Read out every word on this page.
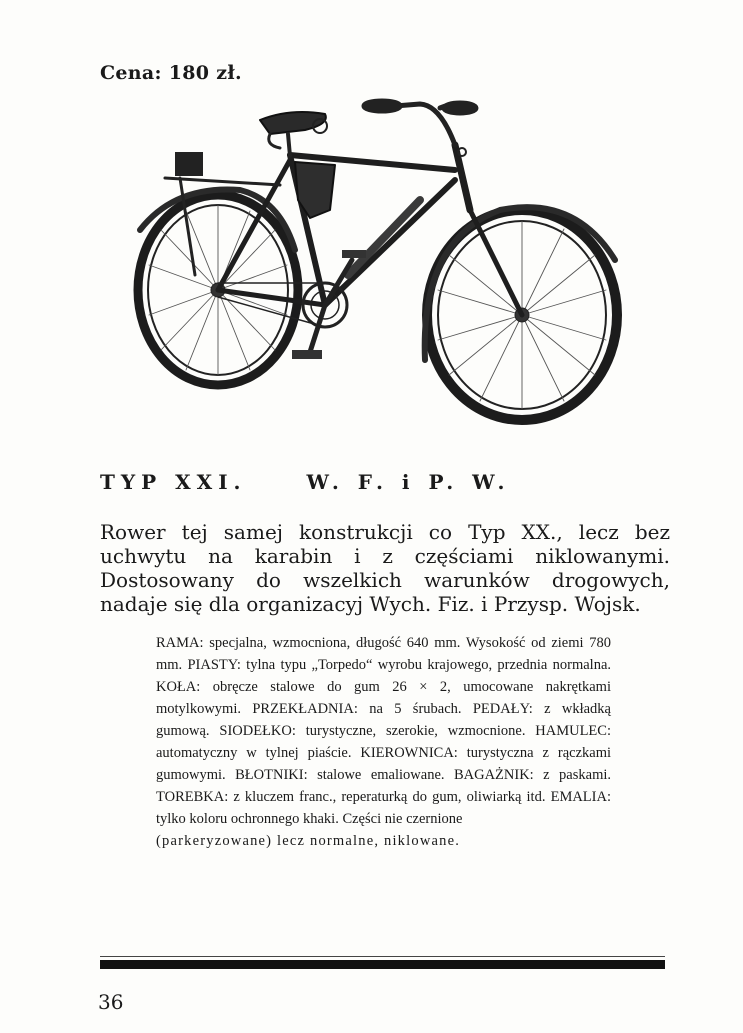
Cena: 180 zł.
TYP XXI.	W. F. i P. W.
Rower tej samej konstrukcji co Typ XX., lecz bez uchwytu na karabin i z częściami niklowanymi. Dostosowany do wszelkich warunków drogowych, nadaje się dla organizacyj Wych. Fiz. i Przysp. Wojsk.
RAMA: specjalna, wzmocniona, długość 640 mm. Wysokość od ziemi 780 mm. PIASTY: tylna typu „Torpedo“ wyrobu krajowego, przednia normalna. KOŁA: obręcze stalowe do gum 26 × 2, umocowane nakrętkami motylkowymi. PRZEKŁADNIA: na 5 śrubach. PEDAŁY: z wkładką gumową. SIODEŁKO: turystyczne, szerokie, wzmocnione. HAMULEC: automatyczny w tylnej piaście. KIEROWNICA: turystyczna z rączkami gumowymi. BŁOTNIKI: stalowe emaliowane. BAGAŻNIK: z paskami. TOREBKA: z kluczem franc., reperaturką do gum, oliwiarką itd. EMALIA: tylko koloru ochronnego khaki. Części nie czernione
(parkeryzowane) lecz normalne, niklowane.
36
